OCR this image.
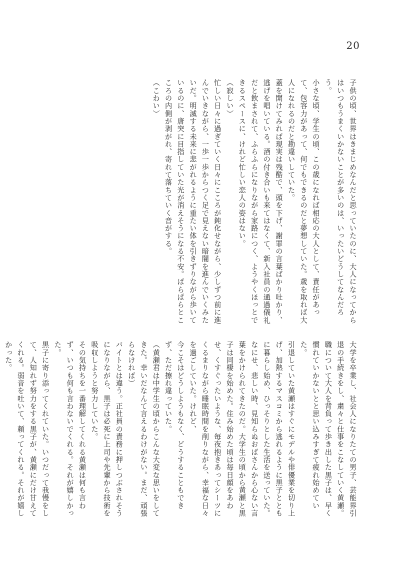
20
子供の頃、世界はきまじめなんだと思っていたのに、大人になってからはいつもうまくいかないことが多いのは、いったいどうしてなんだろう。
小さな頃、学生の頃、この歳になれば相応の大人として、責任があって、包容力があって、何でもできるのだと夢想していた。歳を取れば大人になれるのだと勘違いしていた。
蓋を開けてみれば現実は残酷で、頭を下げ、謝罪の言葉ばかり吐かり、逃げを唱いている。酒の付き合いも来てはなくて、新入社員の通過儀礼だと飲まされて、ふらふらになりながら家路につく、ようやくほっとできるスペースに、けれど忙しい恋人の姿はない。
（寂しい）
忙しい日々に過ぎていく日々にこころが鈍化せながら、少しずつ前に進んでいきながら、一歩一歩からつく足で見えない暗闇を進んでいくみたいだ。明滅する未来に悲がれるように重たい体を引きずりながら歩いているのに、唐突に目指していた光が消えそうになる不安。ぱらぱらとこころの内側が剥がれ、寄れて落ちていく音がする。
（こわい）
大学を卒業し、社会人になりたての男子、芸能界引退の手続きをし、粛々と仕事をこなしていく黄瀬。
職について大人を背負って歩き出した黒子は、早く慣れていかないとと思い込みすぎて疲れ始めていた。
引退していた黄瀬はすぐにモデルや俳優業を切り上げ、加熱するマスコミから逃れるように黒子とともに暮らし始め、ひっそりとした生活を送っていた。
なにせ、悲しい時、見知らぬおばさんから心ない言葉をかけられてきたのだ。大学生の頃から黄瀬と黒子は同棲を始めた。住み始めた頃は毎日顔をあわせ、くすぐったいような、毎夜抱きあってシーツにくるまりながら睡眠時間を削りながら、幸福な日々を過ごしていた。けれど、
今こそはどうしようもなく、どうすることもできず、ただ擦れ違っていた。
（黄瀬君は中学生の頃からこんな大変な思いをしてきた。幸いだなんて言えるわけがない。まだ、頑張らなければ）
バイトとは違う。正社員の責務に押しつぶされそうになりながら、黒子は必死に上司や先輩から技術を吸収しようと努力していた。
その気持ちを一番理解してくれる黄瀬は何も言わず、いつも何も言わないでくれる。それが嬉しかった。
黒子に寄り添ってくれていた。いつだって我慢をして、人知れず努力をする黒子が、黄瀬にだけ甘えてくれる。弱音を吐いて、頼ってくれる。それが嬉しかった。
